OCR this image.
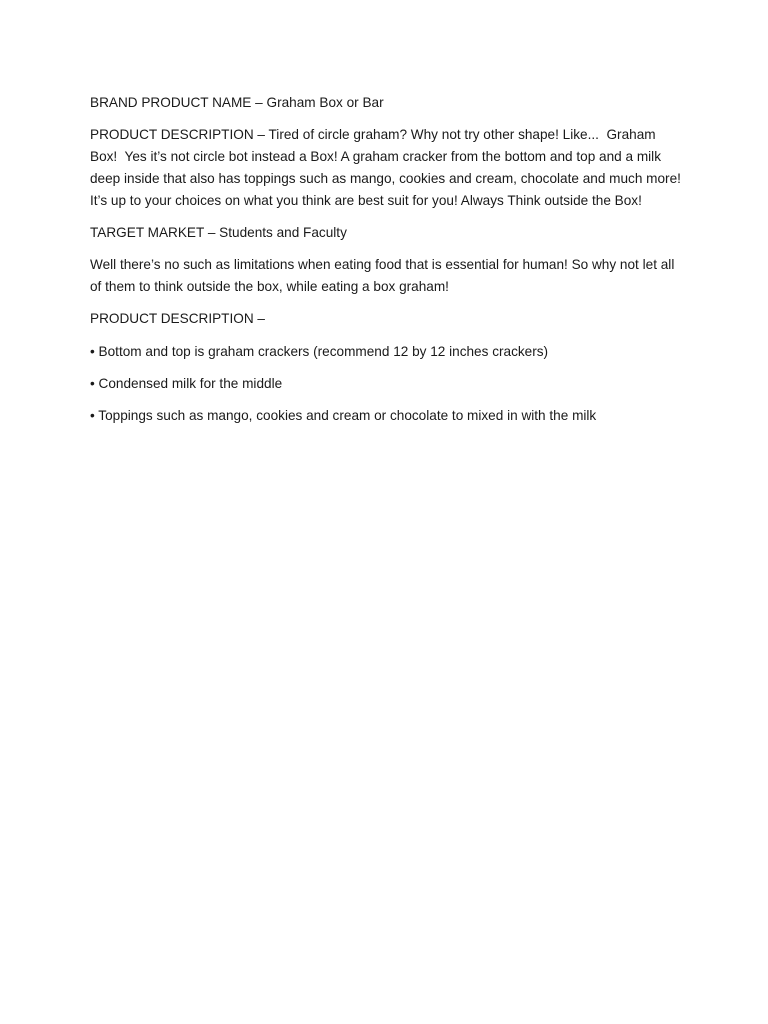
BRAND PRODUCT NAME – Graham Box or Bar

PRODUCT DESCRIPTION – Tired of circle graham? Why not try other shape! Like...  Graham Box!  Yes it’s not circle bot instead a Box! A graham cracker from the bottom and top and a milk deep inside that also has toppings such as mango, cookies and cream, chocolate and much more! It’s up to your choices on what you think are best suit for you! Always Think outside the Box!

TARGET MARKET – Students and Faculty

Well there’s no such as limitations when eating food that is essential for human! So why not let all of them to think outside the box, while eating a box graham!

PRODUCT DESCRIPTION –

• Bottom and top is graham crackers (recommend 12 by 12 inches crackers)

• Condensed milk for the middle

• Toppings such as mango, cookies and cream or chocolate to mixed in with the milk
